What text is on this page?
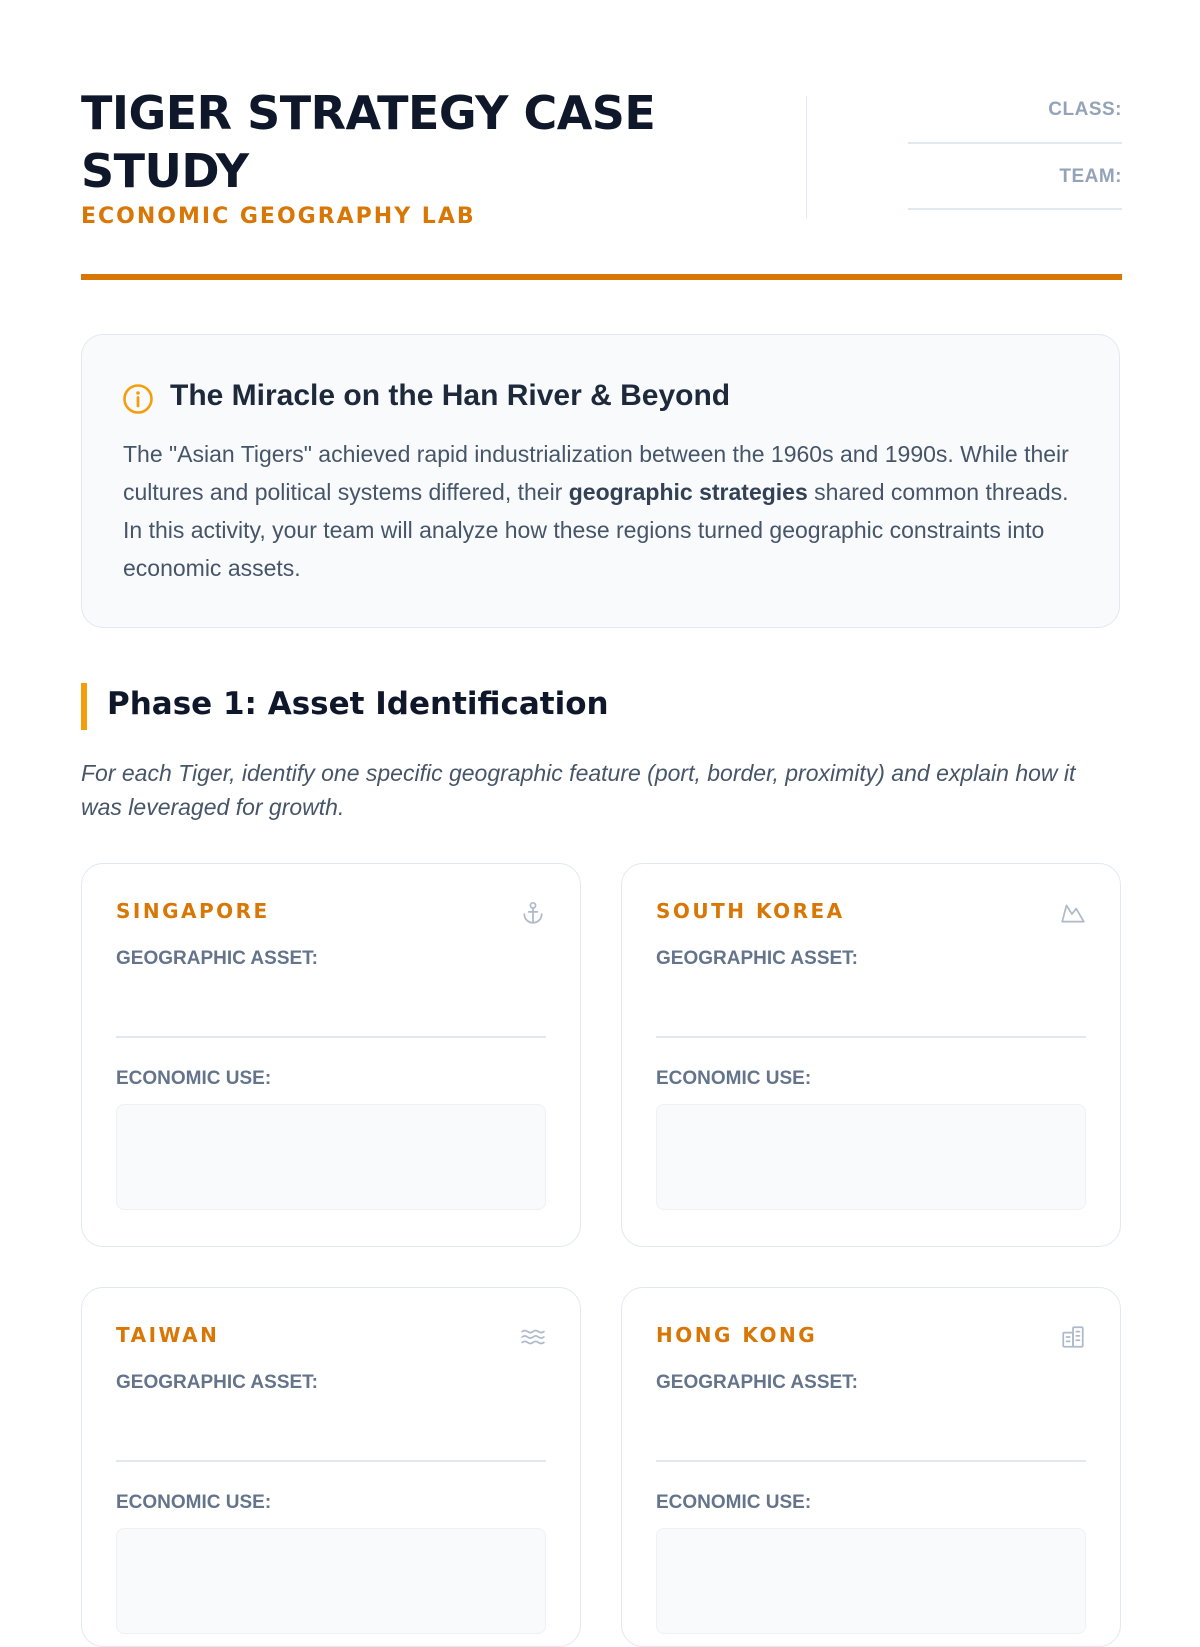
TIGER STRATEGY CASE STUDY
ECONOMIC GEOGRAPHY LAB
CLASS:
TEAM:
The Miracle on the Han River & Beyond
The "Asian Tigers" achieved rapid industrialization between the 1960s and 1990s. While their cultures and political systems differed, their geographic strategies shared common threads. In this activity, your team will analyze how these regions turned geographic constraints into economic assets.
Phase 1: Asset Identification
For each Tiger, identify one specific geographic feature (port, border, proximity) and explain how it was leveraged for growth.
SINGAPORE
GEOGRAPHIC ASSET:
ECONOMIC USE:
SOUTH KOREA
GEOGRAPHIC ASSET:
ECONOMIC USE:
TAIWAN
GEOGRAPHIC ASSET:
ECONOMIC USE:
HONG KONG
GEOGRAPHIC ASSET:
ECONOMIC USE:
